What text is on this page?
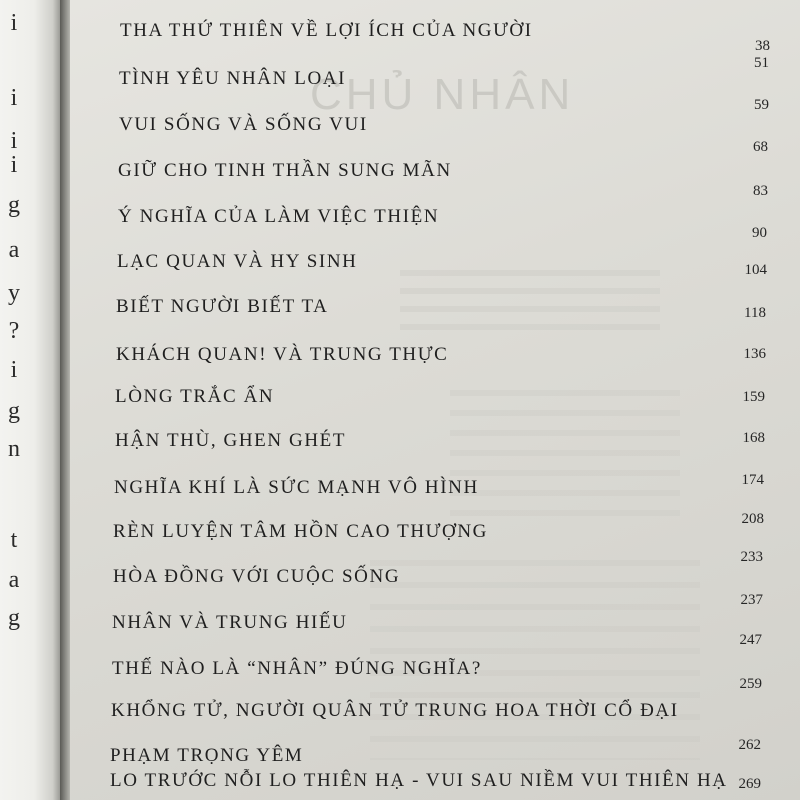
CHỦ NHÂN
i
i
i
i
g
a
y
?
i
g
n
t
a
g
THA THỨ THIÊN VỀ LỢI ÍCH CỦA NGƯỜI
38
TÌNH YÊU NHÂN LOẠI
51
VUI SỐNG VÀ SỐNG VUI
59
GIỮ CHO TINH THẦN SUNG MÃN
68
Ý NGHĨA CỦA LÀM VIỆC THIỆN
83
LẠC QUAN VÀ HY SINH
90
BIẾT NGƯỜI BIẾT TA
104
KHÁCH QUAN! VÀ TRUNG THỰC
118
LÒNG TRẮC ẨN
136
HẬN THÙ, GHEN GHÉT
159
NGHĨA KHÍ LÀ SỨC MẠNH VÔ HÌNH
168
RÈN LUYỆN TÂM HỒN CAO THƯỢNG
174
HÒA ĐỒNG VỚI CUỘC SỐNG
208
NHÂN VÀ TRUNG HIẾU
233
THẾ NÀO LÀ “NHÂN” ĐÚNG NGHĨA?
237
KHỔNG TỬ, NGƯỜI QUÂN TỬ TRUNG HOA THỜI CỔ ĐẠI
247
PHẠM TRỌNG YÊM
259
LO TRƯỚC NỖI LO THIÊN HẠ - VUI SAU NIỀM VUI THIÊN HẠ
262
269
